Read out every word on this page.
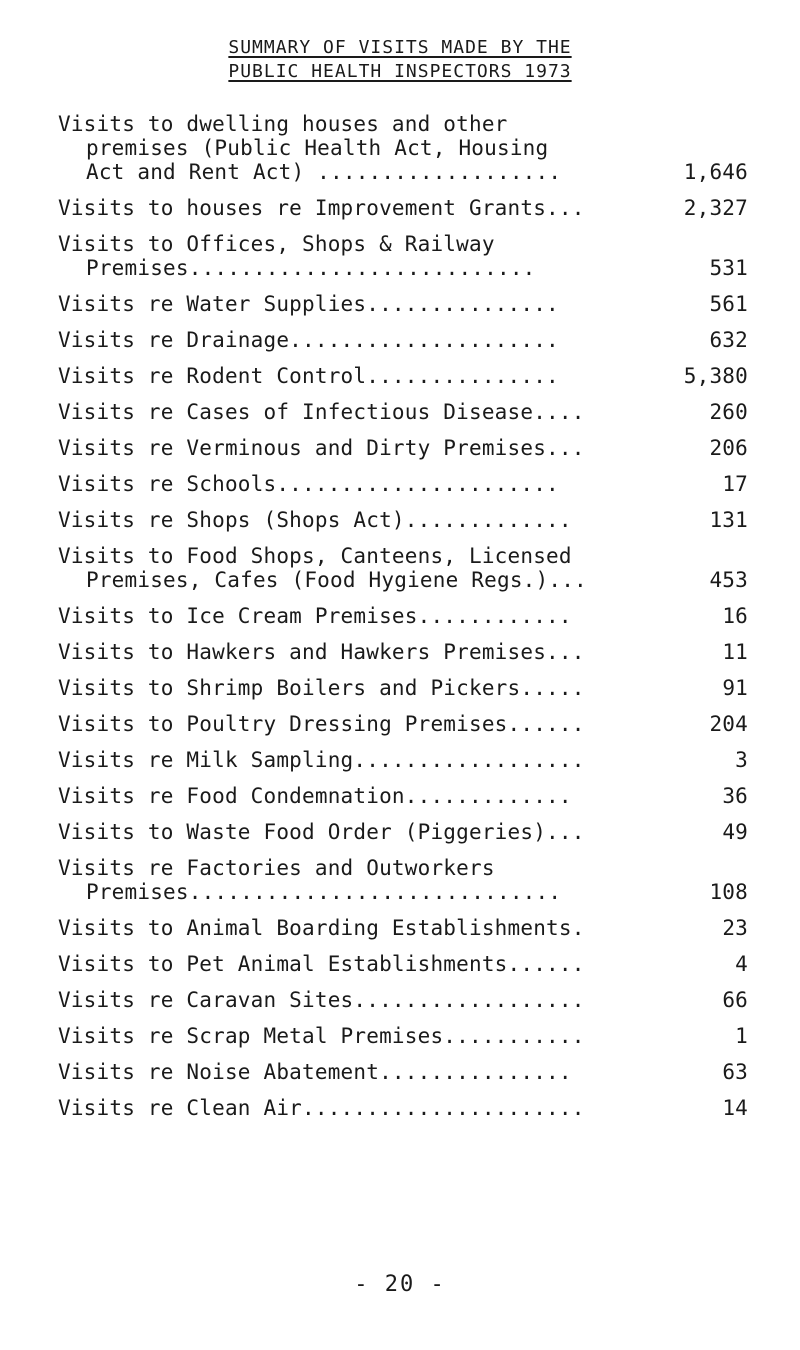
SUMMARY OF VISITS MADE BY THE
PUBLIC HEALTH INSPECTORS 1973
Visits to dwelling houses and other
premises (Public Health Act, Housing
Act and Rent Act) ...................	1,646
Visits to houses re Improvement Grants...	2,327
Visits to Offices, Shops & Railway
Premises...........................	531
Visits re Water Supplies...............	561
Visits re Drainage.....................	632
Visits re Rodent Control...............	5,380
Visits re Cases of Infectious Disease....	260
Visits re Verminous and Dirty Premises...	206
Visits re Schools......................	17
Visits re Shops (Shops Act).............	131
Visits to Food Shops, Canteens, Licensed
Premises, Cafes (Food Hygiene Regs.)...	453
Visits to Ice Cream Premises............	16
Visits to Hawkers and Hawkers Premises...	11
Visits to Shrimp Boilers and Pickers.....	91
Visits to Poultry Dressing Premises......	204
Visits re Milk Sampling..................	3
Visits re Food Condemnation.............	36
Visits to Waste Food Order (Piggeries)...	49
Visits re Factories and Outworkers
Premises.............................	108
Visits to Animal Boarding Establishments.	23
Visits to Pet Animal Establishments......	4
Visits re Caravan Sites..................	66
Visits re Scrap Metal Premises...........	1
Visits re Noise Abatement...............	63
Visits re Clean Air......................	14
- 20 -
